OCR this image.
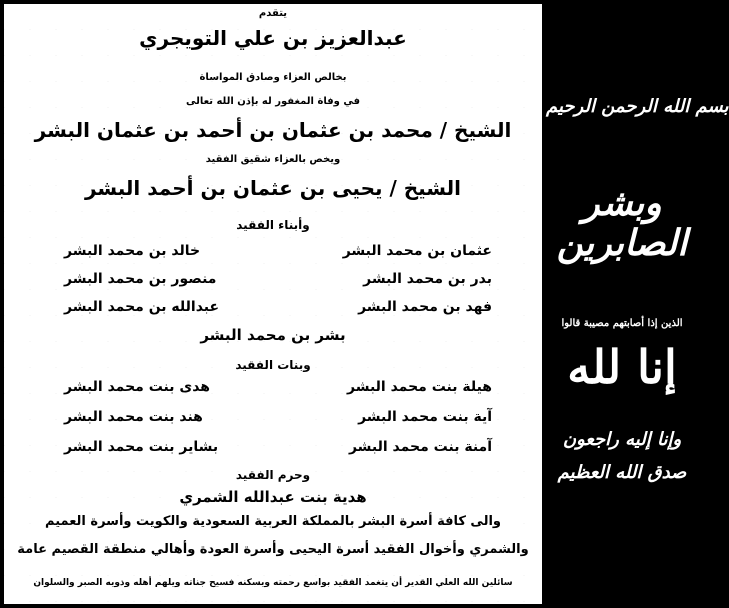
يتقدم
عبدالعزيز بن علي التويجري
بخالص العزاء وصادق المواساة
في وفاة المغفور له بإذن الله تعالى
الشيخ / محمد بن عثمان بن أحمد بن عثمان البشر
ويخص بالعزاء شقيق الفقيد
الشيخ / يحيى بن عثمان بن أحمد البشر
وأبناء الفقيد
عثمان بن محمد البشر
خالد بن محمد البشر
بدر بن محمد البشر
منصور بن محمد البشر
فهد بن محمد البشر
عبدالله بن محمد البشر
بشر بن محمد البشر
وبنات الفقيد
هيلة بنت محمد البشر
هدى بنت محمد البشر
آية بنت محمد البشر
هند بنت محمد البشر
آمنة بنت محمد البشر
بشاير بنت محمد البشر
وحرم الفقيد
هدية بنت عبدالله الشمري
والى كافة أسرة البشر بالمملكة العربية السعودية والكويت وأسرة العميم
والشمري وأخوال الفقيد أسرة اليحيى وأسرة العودة وأهالي منطقة القصيم عامة
سائلين الله العلي القدير أن يتغمد الفقيد بواسع رحمته ويسكنه فسيح جناته ويلهم أهله وذويه الصبر والسلوان
بسم الله الرحمن الرحيم
وبشر الصابرين
الذين إذا أصابتهم مصيبة قالوا
إنا لله
وإنا إليه راجعون
صدق الله العظيم
